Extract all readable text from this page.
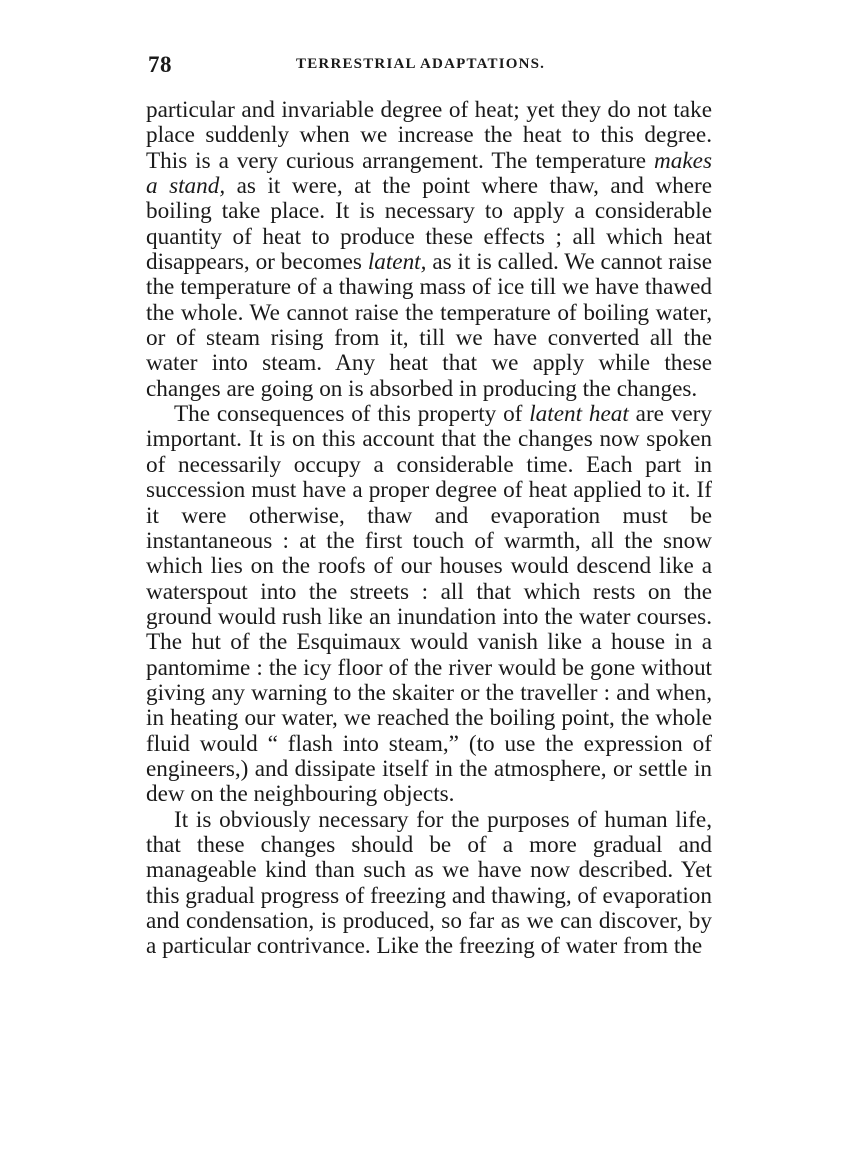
78	TERRESTRIAL ADAPTATIONS.

particular and invariable degree of heat; yet they do not take place suddenly when we increase the heat to this degree. This is a very curious arrangement. The temperature makes a stand, as it were, at the point where thaw, and where boiling take place. It is necessary to apply a considerable quantity of heat to produce these effects ; all which heat disappears, or becomes latent, as it is called. We cannot raise the temperature of a thawing mass of ice till we have thawed the whole. We cannot raise the temperature of boiling water, or of steam rising from it, till we have converted all the water into steam. Any heat that we apply while these changes are going on is absorbed in producing the changes.

The consequences of this property of latent heat are very important. It is on this account that the changes now spoken of necessarily occupy a considerable time. Each part in succession must have a proper degree of heat applied to it. If it were otherwise, thaw and evaporation must be instantaneous : at the first touch of warmth, all the snow which lies on the roofs of our houses would descend like a waterspout into the streets : all that which rests on the ground would rush like an inundation into the water courses. The hut of the Esquimaux would vanish like a house in a pantomime : the icy floor of the river would be gone without giving any warning to the skaiter or the traveller : and when, in heating our water, we reached the boiling point, the whole fluid would “ flash into steam,” (to use the expression of engineers,) and dissipate itself in the atmosphere, or settle in dew on the neighbouring objects.

It is obviously necessary for the purposes of human life, that these changes should be of a more gradual and manageable kind than such as we have now described. Yet this gradual progress of freezing and thawing, of evaporation and condensation, is produced, so far as we can discover, by a particular contrivance. Like the freezing of water from the
